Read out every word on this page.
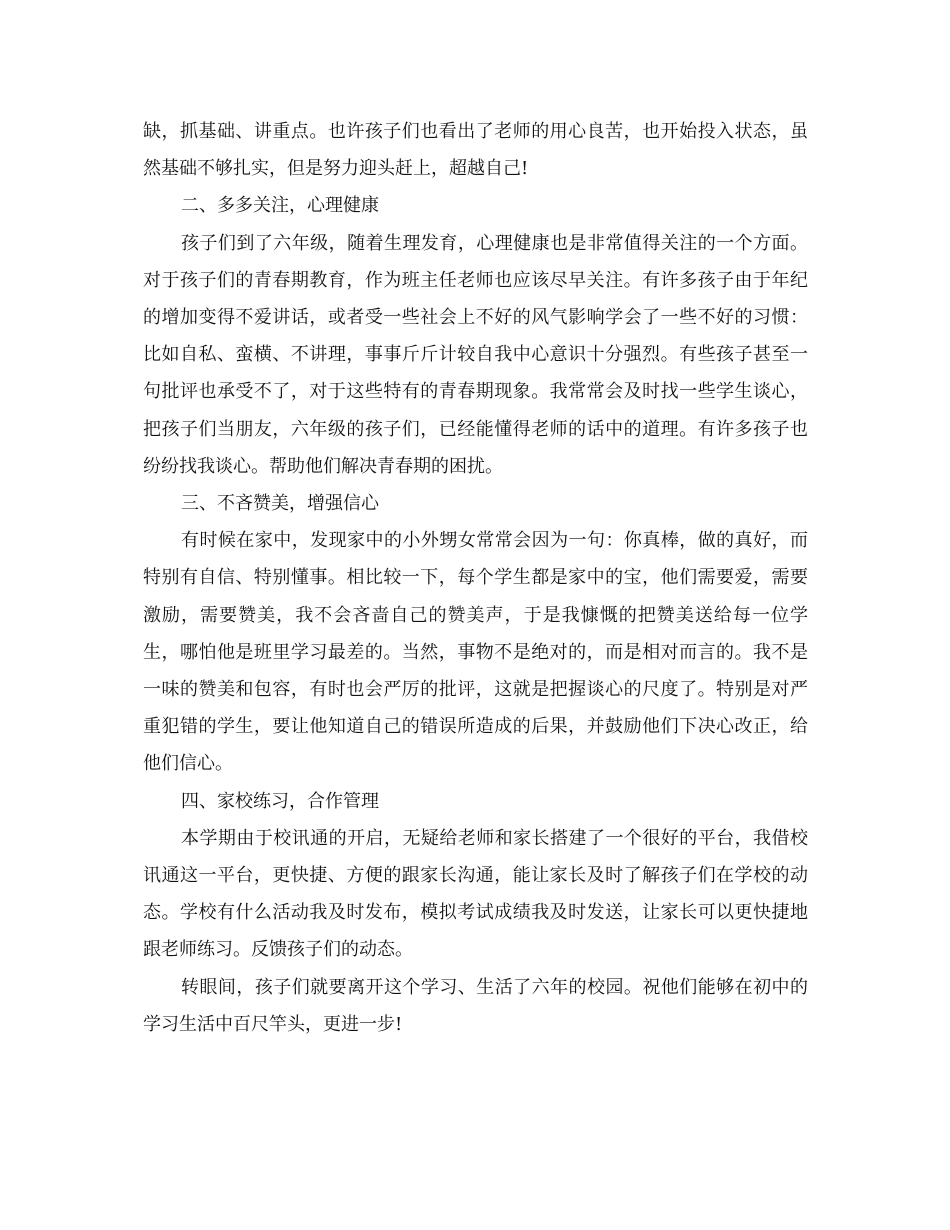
缺，抓基础、讲重点。也许孩子们也看出了老师的用心良苦，也开始投入状态，虽然基础不够扎实，但是努力迎头赶上，超越自己!

二、多多关注，心理健康

孩子们到了六年级，随着生理发育，心理健康也是非常值得关注的一个方面。对于孩子们的青春期教育，作为班主任老师也应该尽早关注。有许多孩子由于年纪的增加变得不爱讲话，或者受一些社会上不好的风气影响学会了一些不好的习惯：比如自私、蛮横、不讲理，事事斤斤计较自我中心意识十分强烈。有些孩子甚至一句批评也承受不了，对于这些特有的青春期现象。我常常会及时找一些学生谈心，把孩子们当朋友，六年级的孩子们，已经能懂得老师的话中的道理。有许多孩子也纷纷找我谈心。帮助他们解决青春期的困扰。

三、不吝赞美，增强信心

有时候在家中，发现家中的小外甥女常常会因为一句：你真棒，做的真好，而特别有自信、特别懂事。相比较一下，每个学生都是家中的宝，他们需要爱，需要激励，需要赞美，我不会吝啬自己的赞美声，于是我慷慨的把赞美送给每一位学生，哪怕他是班里学习最差的。当然，事物不是绝对的，而是相对而言的。我不是一味的赞美和包容，有时也会严厉的批评，这就是把握谈心的尺度了。特别是对严重犯错的学生，要让他知道自己的错误所造成的后果，并鼓励他们下决心改正，给他们信心。

四、家校练习，合作管理

本学期由于校讯通的开启，无疑给老师和家长搭建了一个很好的平台，我借校讯通这一平台，更快捷、方便的跟家长沟通，能让家长及时了解孩子们在学校的动态。学校有什么活动我及时发布，模拟考试成绩我及时发送，让家长可以更快捷地跟老师练习。反馈孩子们的动态。

转眼间，孩子们就要离开这个学习、生活了六年的校园。祝他们能够在初中的学习生活中百尺竿头，更进一步!
